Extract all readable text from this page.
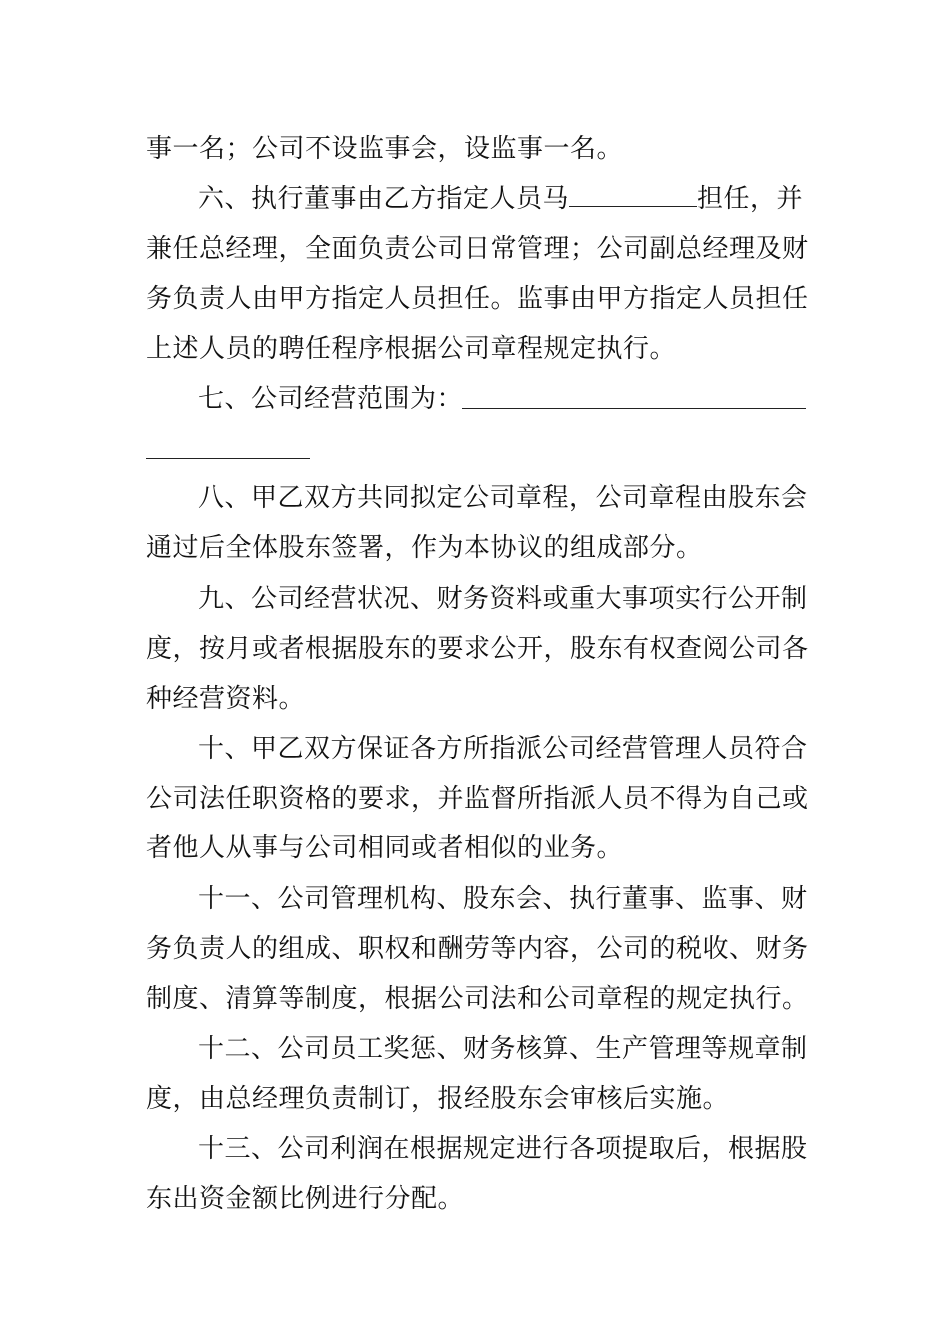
事一名；公司不设监事会，设监事一名。
六、执行董事由乙方指定人员马	担任，并
兼任总经理，全面负责公司日常管理；公司副总经理及财
务负责人由甲方指定人员担任。监事由甲方指定人员担任
上述人员的聘任程序根据公司章程规定执行。
七、公司经营范围为：
八、甲乙双方共同拟定公司章程，公司章程由股东会
通过后全体股东签署，作为本协议的组成部分。
九、公司经营状况、财务资料或重大事项实行公开制
度，按月或者根据股东的要求公开，股东有权查阅公司各
种经营资料。
十、甲乙双方保证各方所指派公司经营管理人员符合
公司法任职资格的要求，并监督所指派人员不得为自己或
者他人从事与公司相同或者相似的业务。
十一、公司管理机构、股东会、执行董事、监事、财
务负责人的组成、职权和酬劳等内容，公司的税收、财务
制度、清算等制度，根据公司法和公司章程的规定执行。
十二、公司员工奖惩、财务核算、生产管理等规章制
度，由总经理负责制订，报经股东会审核后实施。
十三、公司利润在根据规定进行各项提取后，根据股
东出资金额比例进行分配。
